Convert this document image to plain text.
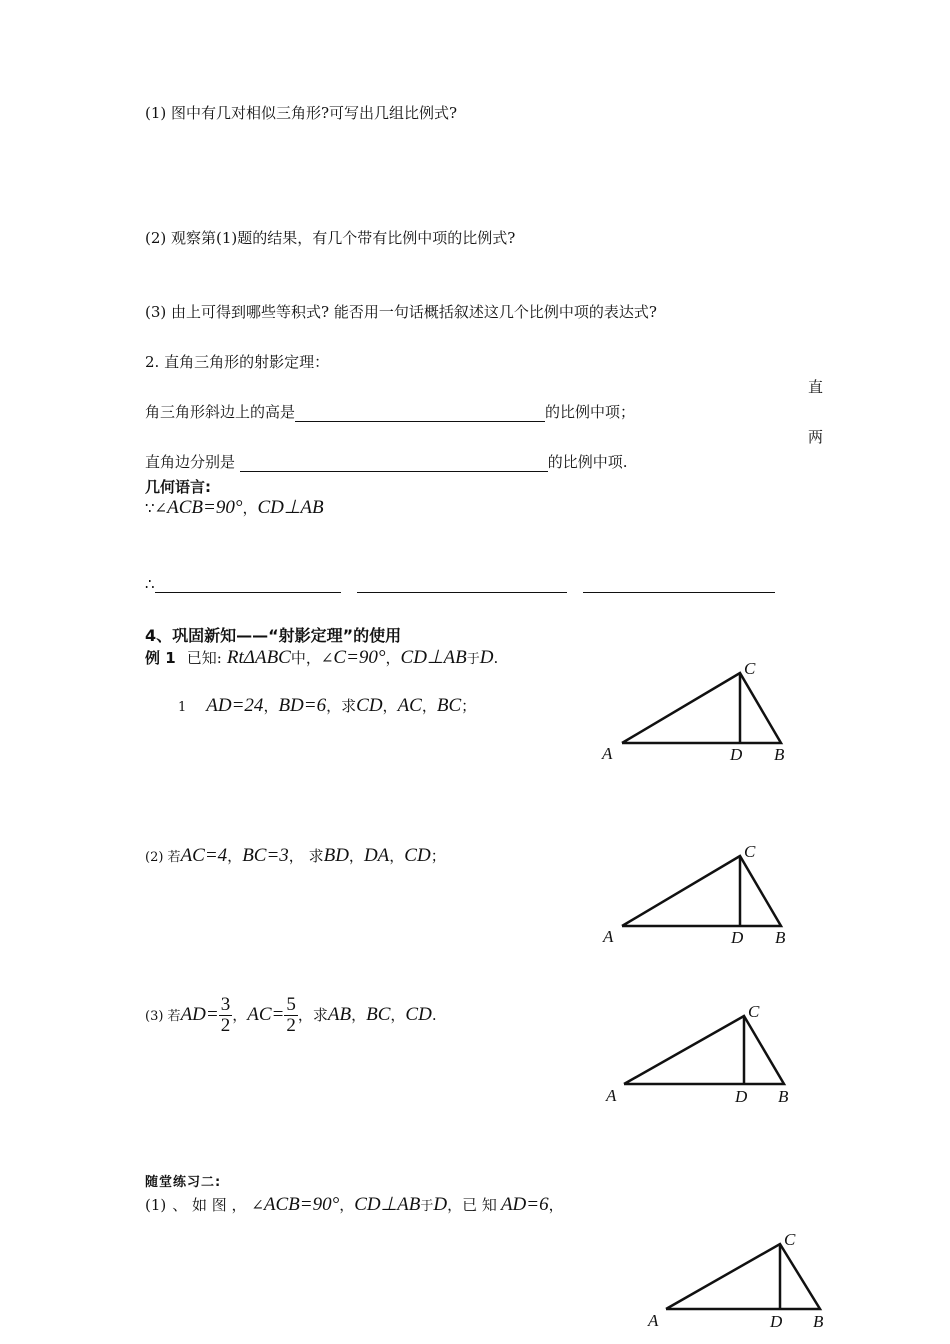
(1) 图中有几对相似三角形?可写出几组比例式?
(2) 观察第(1)题的结果，有几个带有比例中项的比例式?
(3) 由上可得到哪些等积式? 能否用一句话概括叙述这几个比例中项的表达式?
2. 直角三角形的射影定理：
直
角三角形斜边上的高是	的比例中项；
两
直角边分别是	的比例中项.
几何语言:
∵∠ACB=90°，CD⊥AB
∴
4、巩固新知——“射影定理”的使用
例 1 已知: RtΔABC中，∠C=90°，CD⊥AB于D.
1 AD=24，BD=6，求CD，AC，BC；
(2) 若AC=4，BC=3， 求BD，DA，CD；
(3) 若$AD= \frac{3}{2}$ ，$AC= \frac{5}{2}$ ，求AB，BC，CD.
随堂练习二:
(1) 、 如 图 ， ∠ACB=90°，CD⊥AB于D，已 知 AD=6，
C
A	D B
C
A	D B
C
A	D B
C
A	D B
